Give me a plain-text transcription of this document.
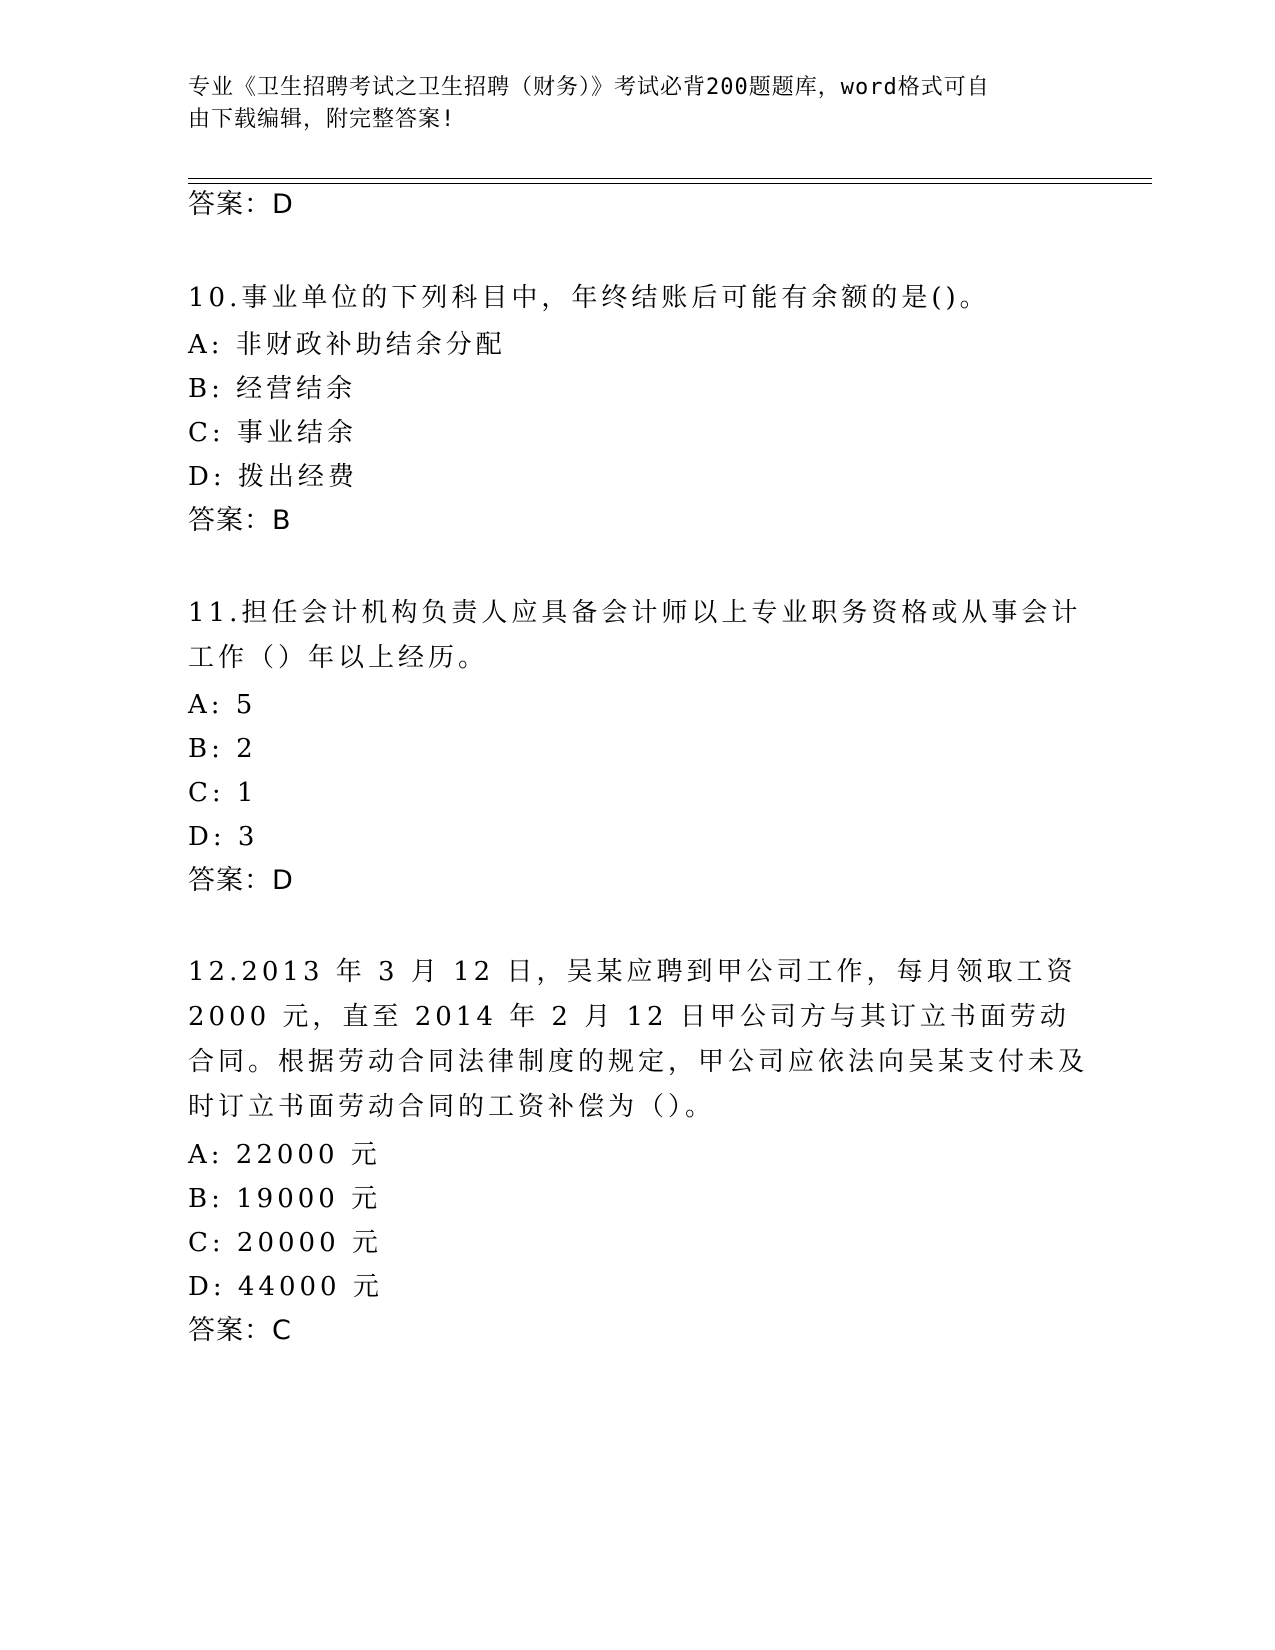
专业《卫生招聘考试之卫生招聘（财务）》考试必背200题题库，word格式可自
由下载编辑，附完整答案!
答案：D
10.事业单位的下列科目中，年终结账后可能有余额的是()。
A: 非财政补助结余分配
B: 经营结余
C: 事业结余
D: 拨出经费
答案：B
11.担任会计机构负责人应具备会计师以上专业职务资格或从事会计工作（）年以上经历。
A: 5
B: 2
C: 1
D: 3
答案：D
12.2013 年 3 月 12 日，吴某应聘到甲公司工作，每月领取工资 2000 元，直至 2014 年 2 月 12 日甲公司方与其订立书面劳动合同。根据劳动合同法律制度的规定，甲公司应依法向吴某支付未及时订立书面劳动合同的工资补偿为（）。
A: 22000 元
B: 19000 元
C: 20000 元
D: 44000 元
答案：C
